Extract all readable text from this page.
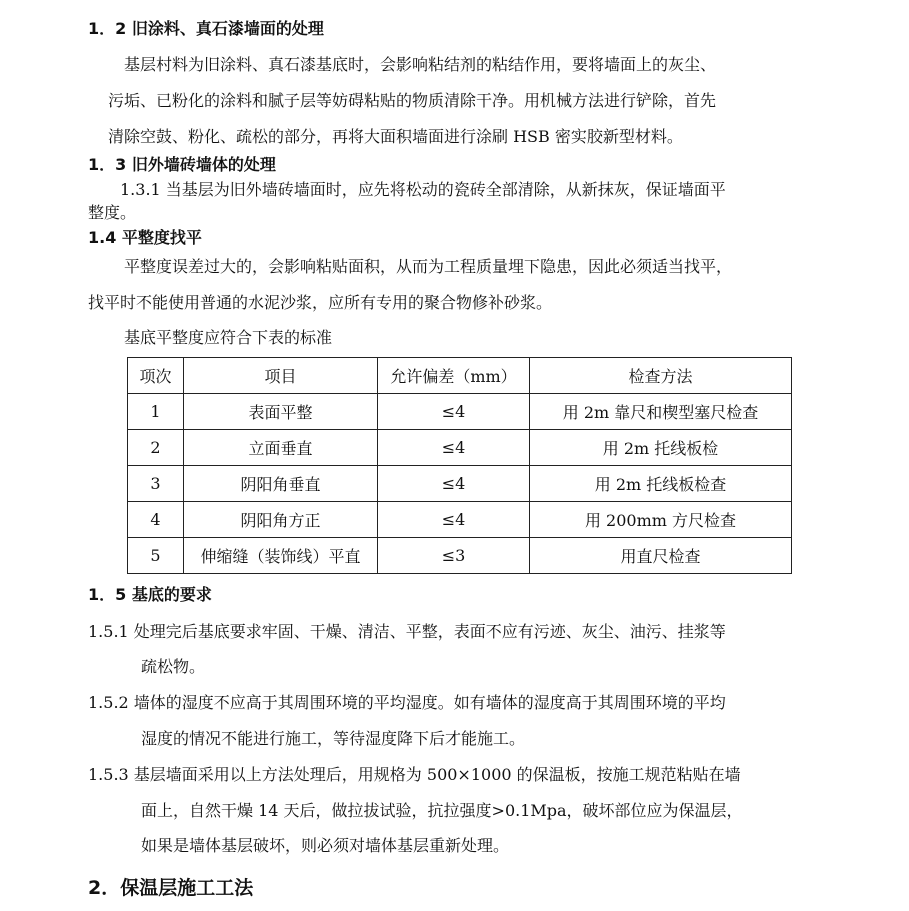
1．2 旧涂料、真石漆墙面的处理
基层村料为旧涂料、真石漆基底时，会影响粘结剂的粘结作用，要将墙面上的灰尘、
污垢、已粉化的涂料和腻子层等妨碍粘贴的物质清除干净。用机械方法进行铲除，首先
清除空鼓、粉化、疏松的部分，再将大面积墙面进行涂刷 HSB 密实胶新型材料。
1．3 旧外墙砖墙体的处理
1.3.1 当基层为旧外墙砖墙面时，应先将松动的瓷砖全部清除，从新抹灰，保证墙面平
整度。
1.4 平整度找平
平整度误差过大的，会影响粘贴面积，从而为工程质量埋下隐患，因此必须适当找平，
找平时不能使用普通的水泥沙浆，应所有专用的聚合物修补砂浆。
基底平整度应符合下表的标准
项次	项目	允许偏差（mm）	检查方法
1	表面平整	≤4	用 2m 靠尺和楔型塞尺检查
2	立面垂直	≤4	用 2m 托线板检
3	阴阳角垂直	≤4	用 2m 托线板检查
4	阴阳角方正	≤4	用 200mm 方尺检查
5	伸缩缝（装饰线）平直	≤3	用直尺检查
1．5 基底的要求
1.5.1 处理完后基底要求牢固、干燥、清洁、平整，表面不应有污迹、灰尘、油污、挂浆等
疏松物。
1.5.2 墙体的湿度不应高于其周围环境的平均湿度。如有墙体的湿度高于其周围环境的平均
湿度的情况不能进行施工，等待湿度降下后才能施工。
1.5.3 基层墙面采用以上方法处理后，用规格为 500×1000 的保温板，按施工规范粘贴在墙
面上，自然干燥 14 天后，做拉拔试验，抗拉强度>0.1Mpa，破坏部位应为保温层，
如果是墙体基层破坏，则必须对墙体基层重新处理。
2．保温层施工工法
